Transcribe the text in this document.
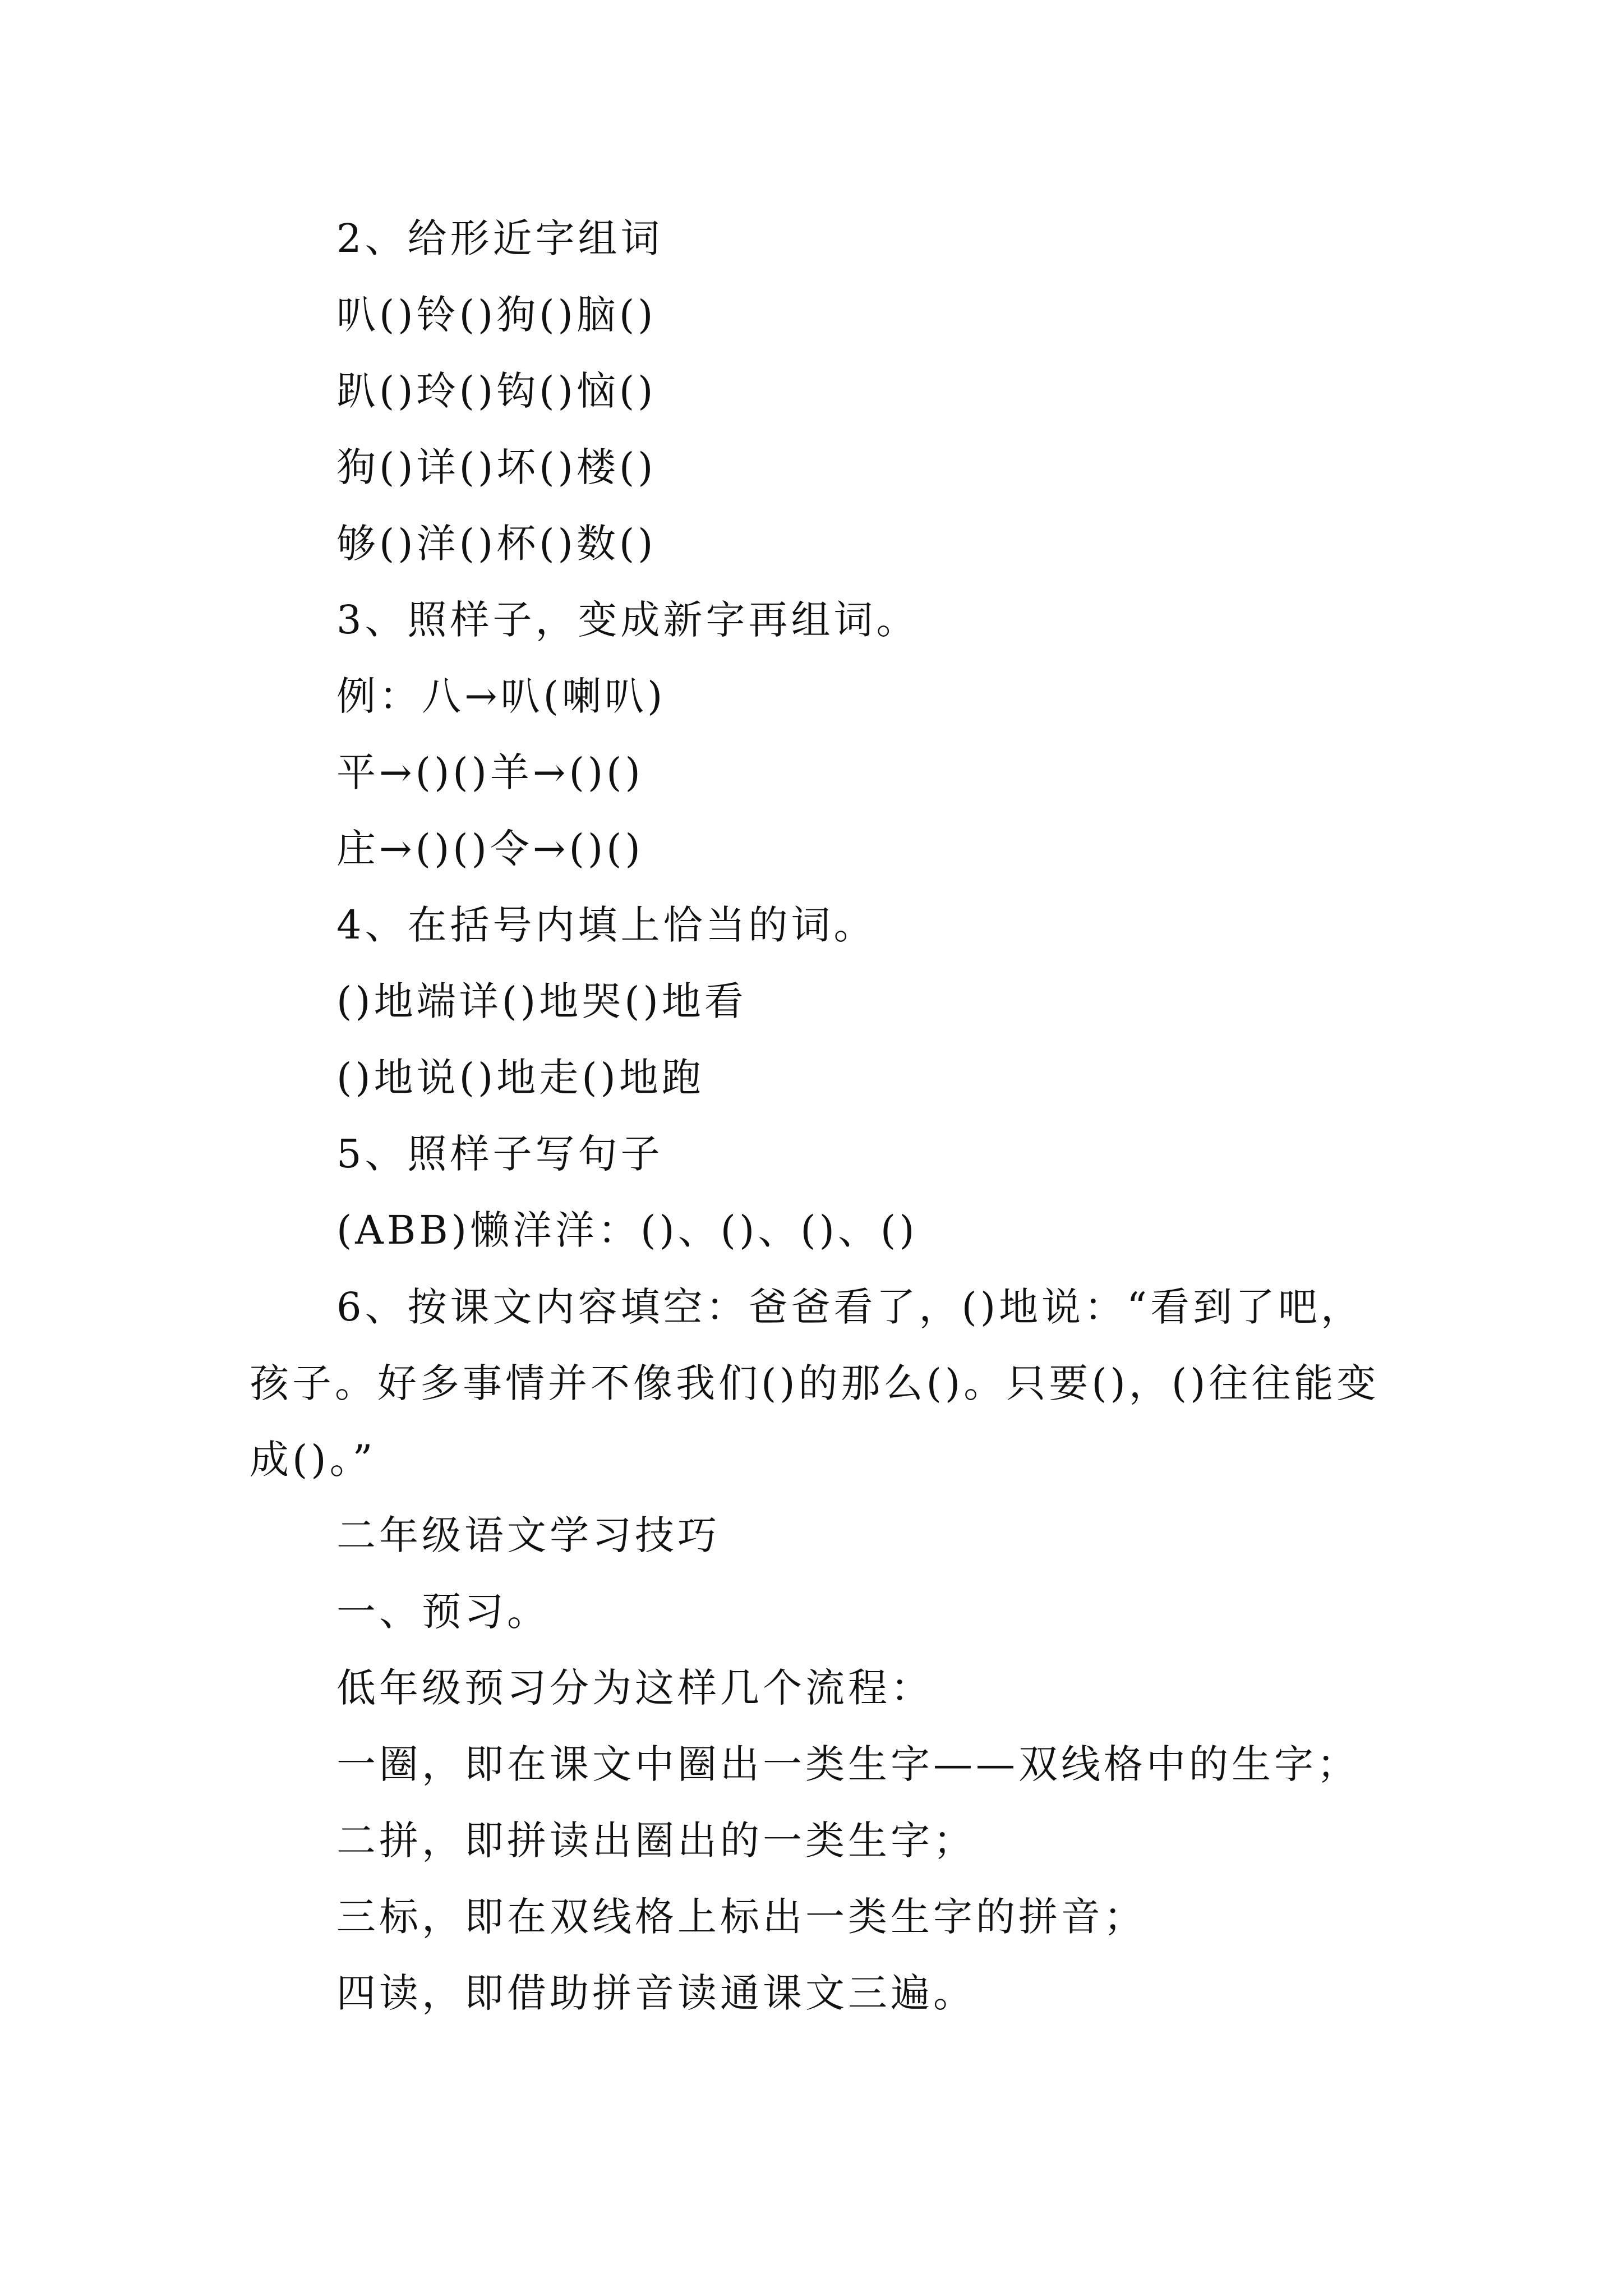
2、给形近字组词
叭()铃()狗()脑()
趴()玲()钩()恼()
狗()详()坏()楼()
够()洋()杯()数()
3、照样子，变成新字再组词。
例：八→叭(喇叭)
平→()()羊→()()
庄→()()令→()()
4、在括号内填上恰当的词。
()地端详()地哭()地看
()地说()地走()地跑
5、照样子写句子
(ABB)懒洋洋：()、()、()、()
6、按课文内容填空：爸爸看了，()地说：“看到了吧，孩子。好多事情并不像我们()的那么()。只要()，()往往能变成()。”
二年级语文学习技巧
一、预习。
低年级预习分为这样几个流程：
一圈，即在课文中圈出一类生字——双线格中的生字；
二拼，即拼读出圈出的一类生字；
三标，即在双线格上标出一类生字的拼音；
四读，即借助拼音读通课文三遍。
